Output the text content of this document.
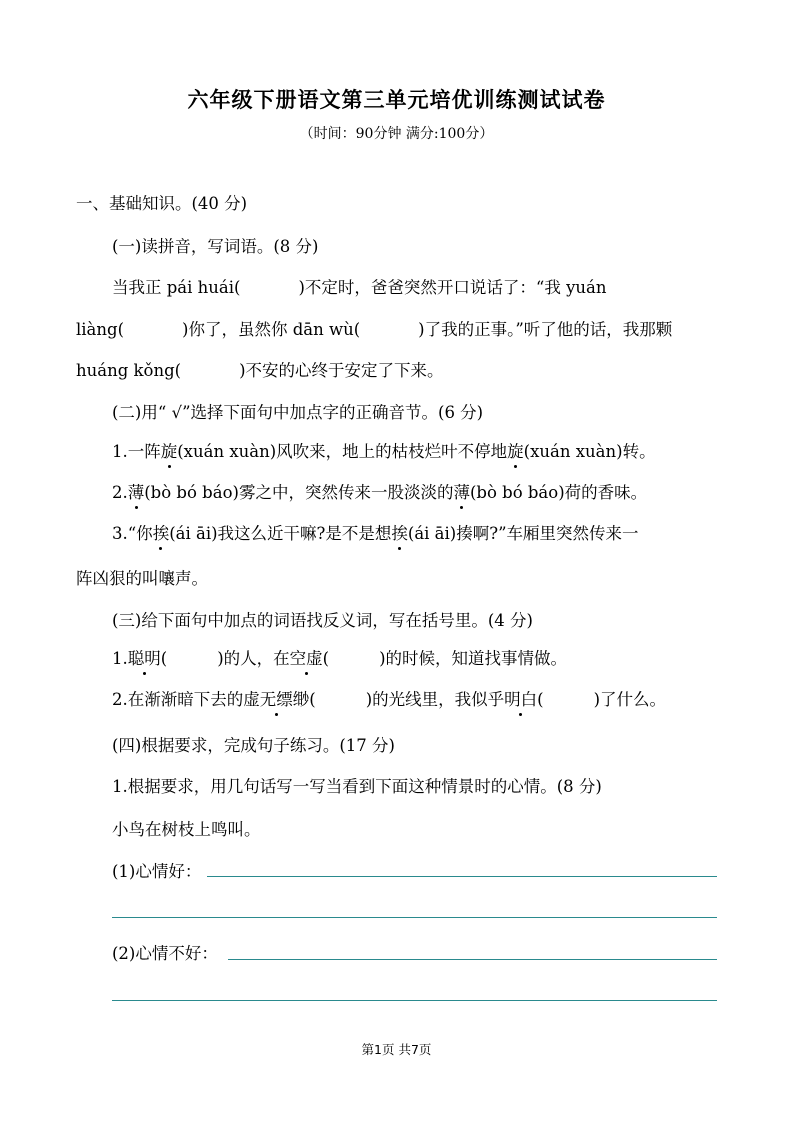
六年级下册语文第三单元培优训练测试试卷
（时间：90分钟 满分:100分）
一、基础知识。(40 分)
(一)读拼音，写词语。(8 分)
当我正 pái huái(	)不定时，爸爸突然开口说话了：“我 yuán
liàng(	)你了，虽然你 dān wù(	)了我的正事。”听了他的话，我那颗
huáng kǒng(	)不安的心终于安定了下来。
(二)用“ √”选择下面句中加点字的正确音节。(6 分)
1.一阵旋(xuán xuàn)风吹来，地上的枯枝烂叶不停地旋(xuán xuàn)转。
2.薄(bò bó báo)雾之中，突然传来一股淡淡的薄(bò bó báo)荷的香味。
3.“你挨(ái āi)我这么近干嘛?是不是想挨(ái āi)揍啊?”车厢里突然传来一
阵凶狠的叫嚷声。
(三)给下面句中加点的词语找反义词，写在括号里。(4 分)
1.聪明(	)的人，在空虚(	)的时候，知道找事情做。
2.在渐渐暗下去的虚无缥缈(	)的光线里，我似乎明白(	)了什么。
(四)根据要求，完成句子练习。(17 分)
1.根据要求，用几句话写一写当看到下面这种情景时的心情。(8 分)
小鸟在树枝上鸣叫。
(1)心情好：
(2)心情不好：
第1页 共7页
